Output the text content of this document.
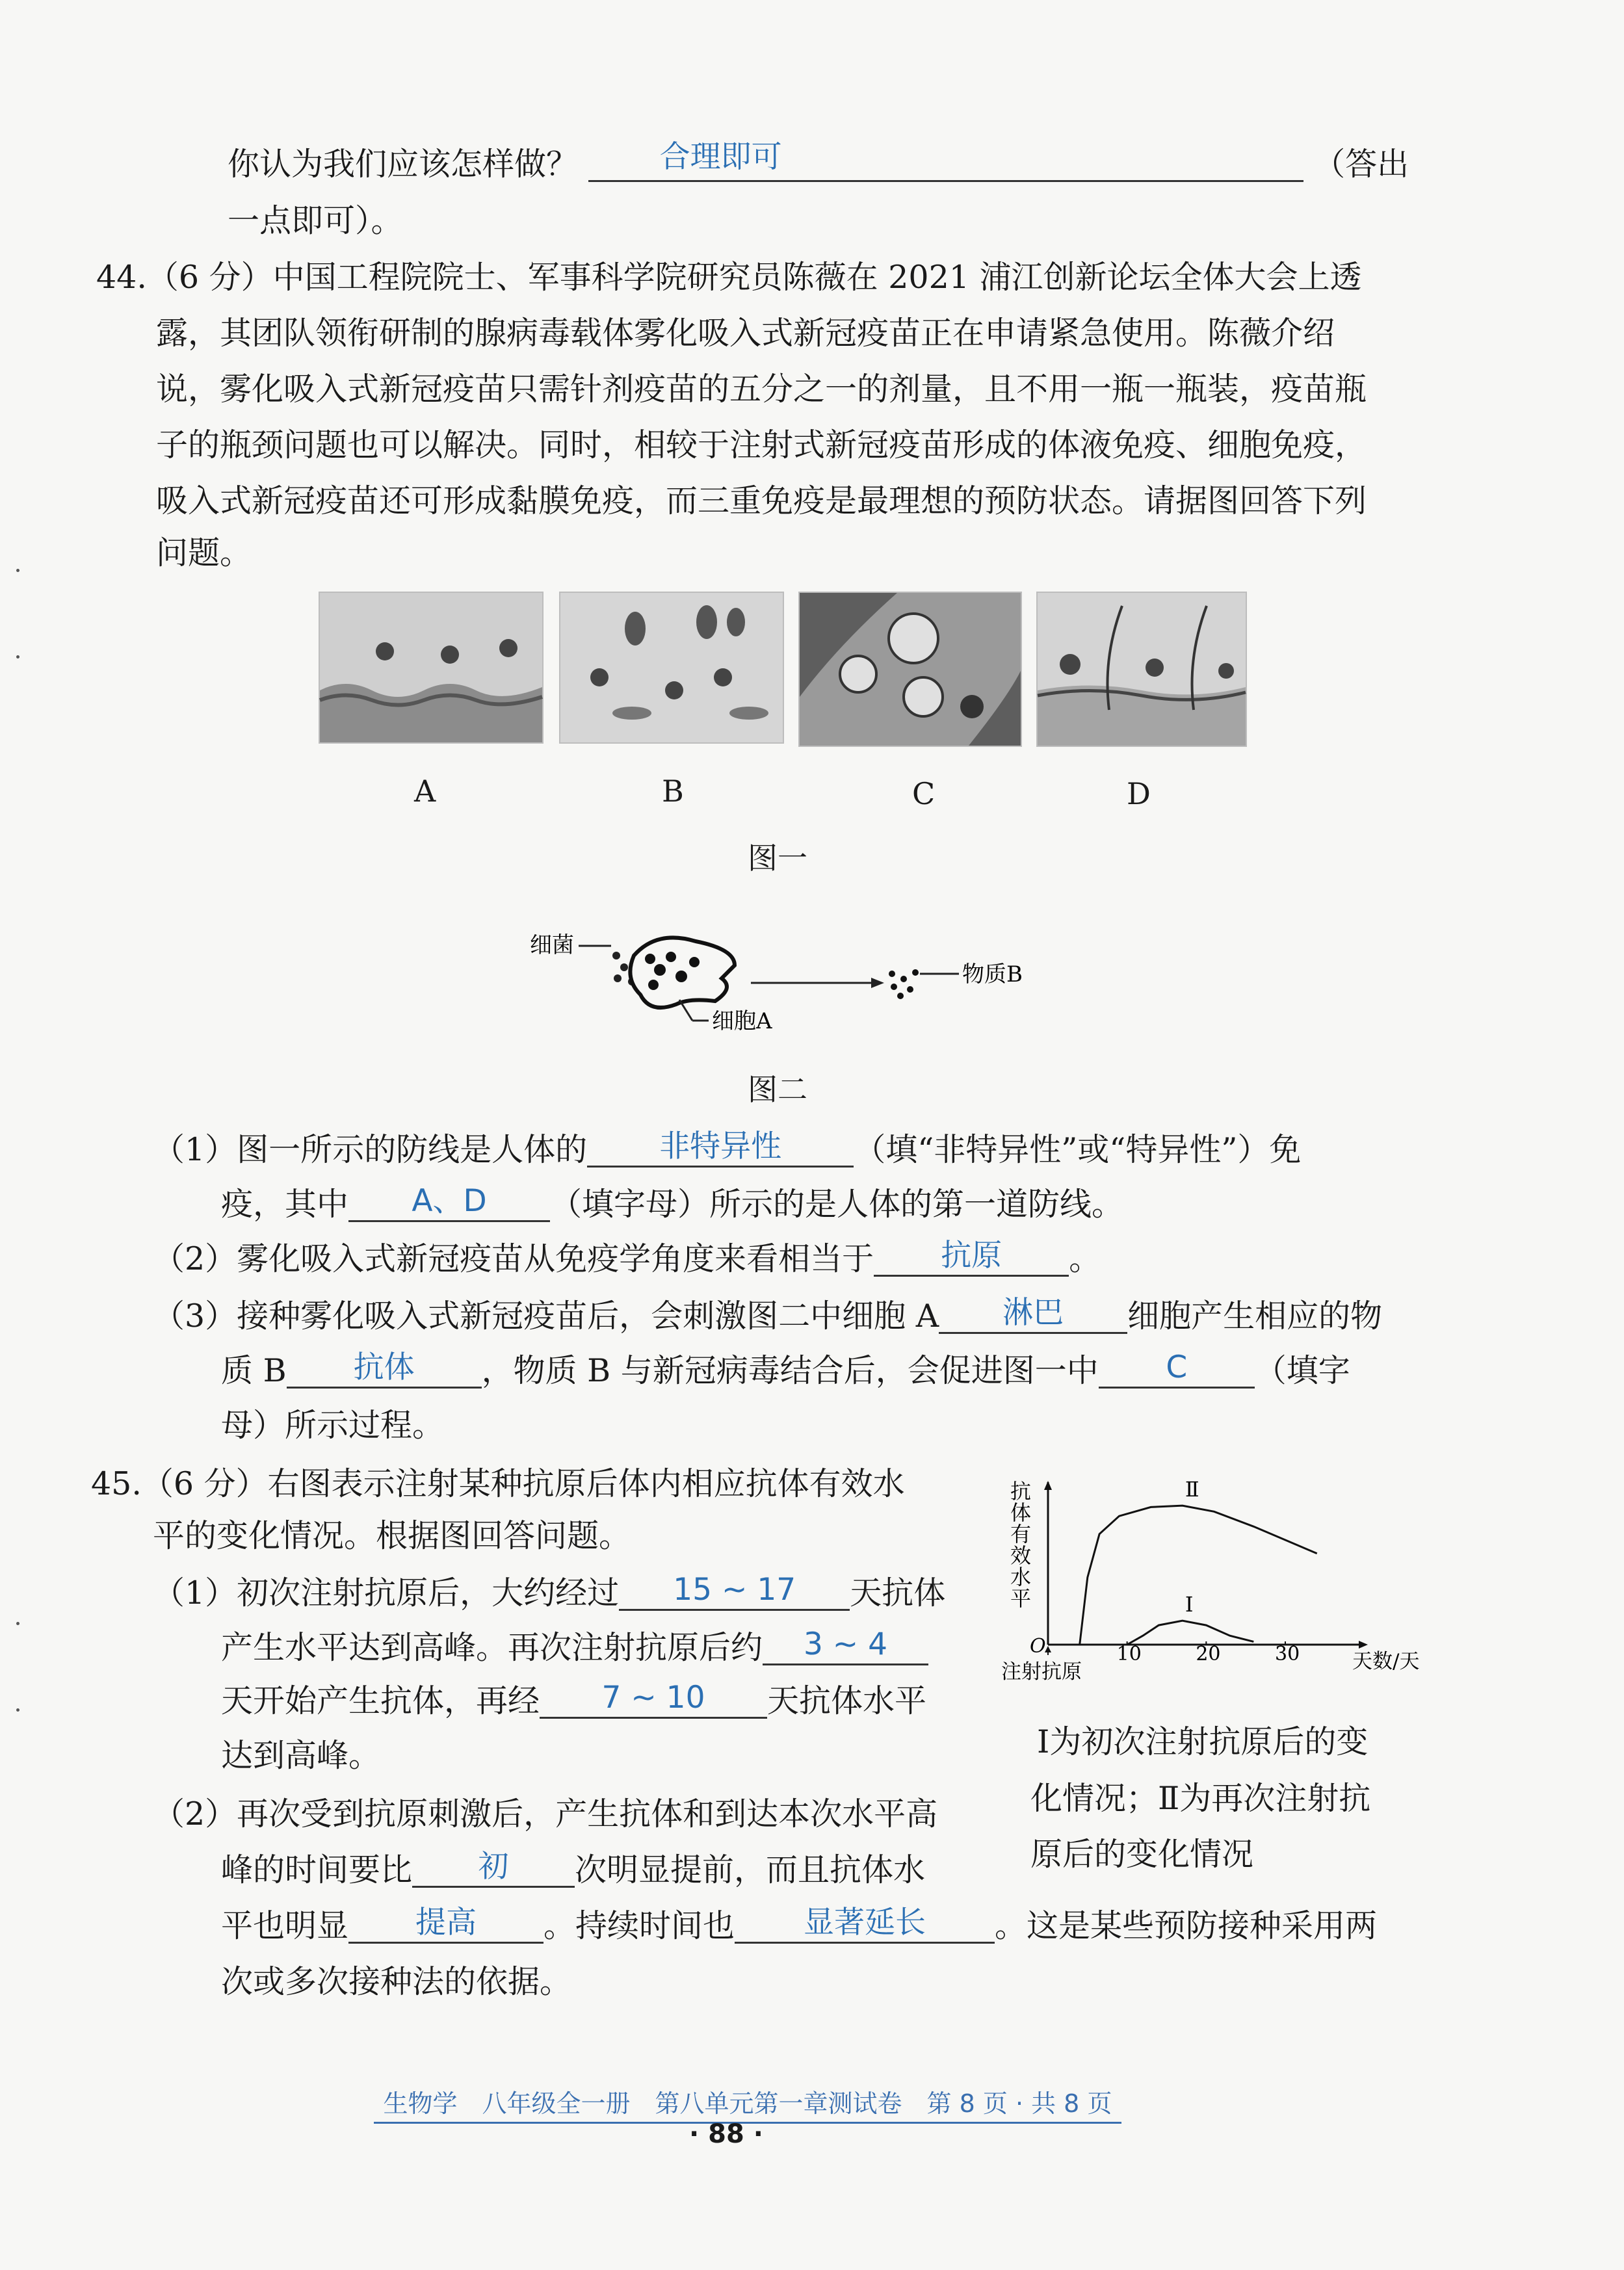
你认为我们应该怎样做？	合理即可	（答出
一点即可）。
44.（6 分）中国工程院院士、军事科学院研究员陈薇在 2021 浦江创新论坛全体大会上透
露，其团队领衔研制的腺病毒载体雾化吸入式新冠疫苗正在申请紧急使用。陈薇介绍
说，雾化吸入式新冠疫苗只需针剂疫苗的五分之一的剂量，且不用一瓶一瓶装，疫苗瓶
子的瓶颈问题也可以解决。同时，相较于注射式新冠疫苗形成的体液免疫、细胞免疫，
吸入式新冠疫苗还可形成黏膜免疫，而三重免疫是最理想的预防状态。请据图回答下列
问题。
A	B	C	D
图一
细菌
细胞A
物质B
图二
（1）图一所示的防线是人体的 非特异性 （填“非特异性”或“特异性”）免
疫，其中 A、D （填字母）所示的是人体的第一道防线。
（2）雾化吸入式新冠疫苗从免疫学角度来看相当于 抗原 。
（3）接种雾化吸入式新冠疫苗后，会刺激图二中细胞 A 淋巴 细胞产生相应的物
质 B 抗体 ，物质 B 与新冠病毒结合后，会促进图一中 C （填字
母）所示过程。
45.（6 分）右图表示注射某种抗原后体内相应抗体有效水
平的变化情况。根据图回答问题。
（1）初次注射抗原后，大约经过 15 ~ 17 天抗体
产生水平达到高峰。再次注射抗原后约 3 ~ 4
天开始产生抗体，再经 7 ~ 10 天抗体水平
达到高峰。
（2）再次受到抗原刺激后，产生抗体和到达本次水平高
峰的时间要比 初 次明显提前，而且抗体水
平也明显 提高 。持续时间也 显著延长 。这是某些预防接种采用两
次或多次接种法的依据。
抗
体
有
效
水
平
O
注射抗原
10	20	30	天数/天
Ⅰ
Ⅱ
Ⅰ为初次注射抗原后的变
化情况；Ⅱ为再次注射抗
原后的变化情况
生物学　八年级全一册　第八单元第一章测试卷　第 8 页 · 共 8 页
· 88 ·
